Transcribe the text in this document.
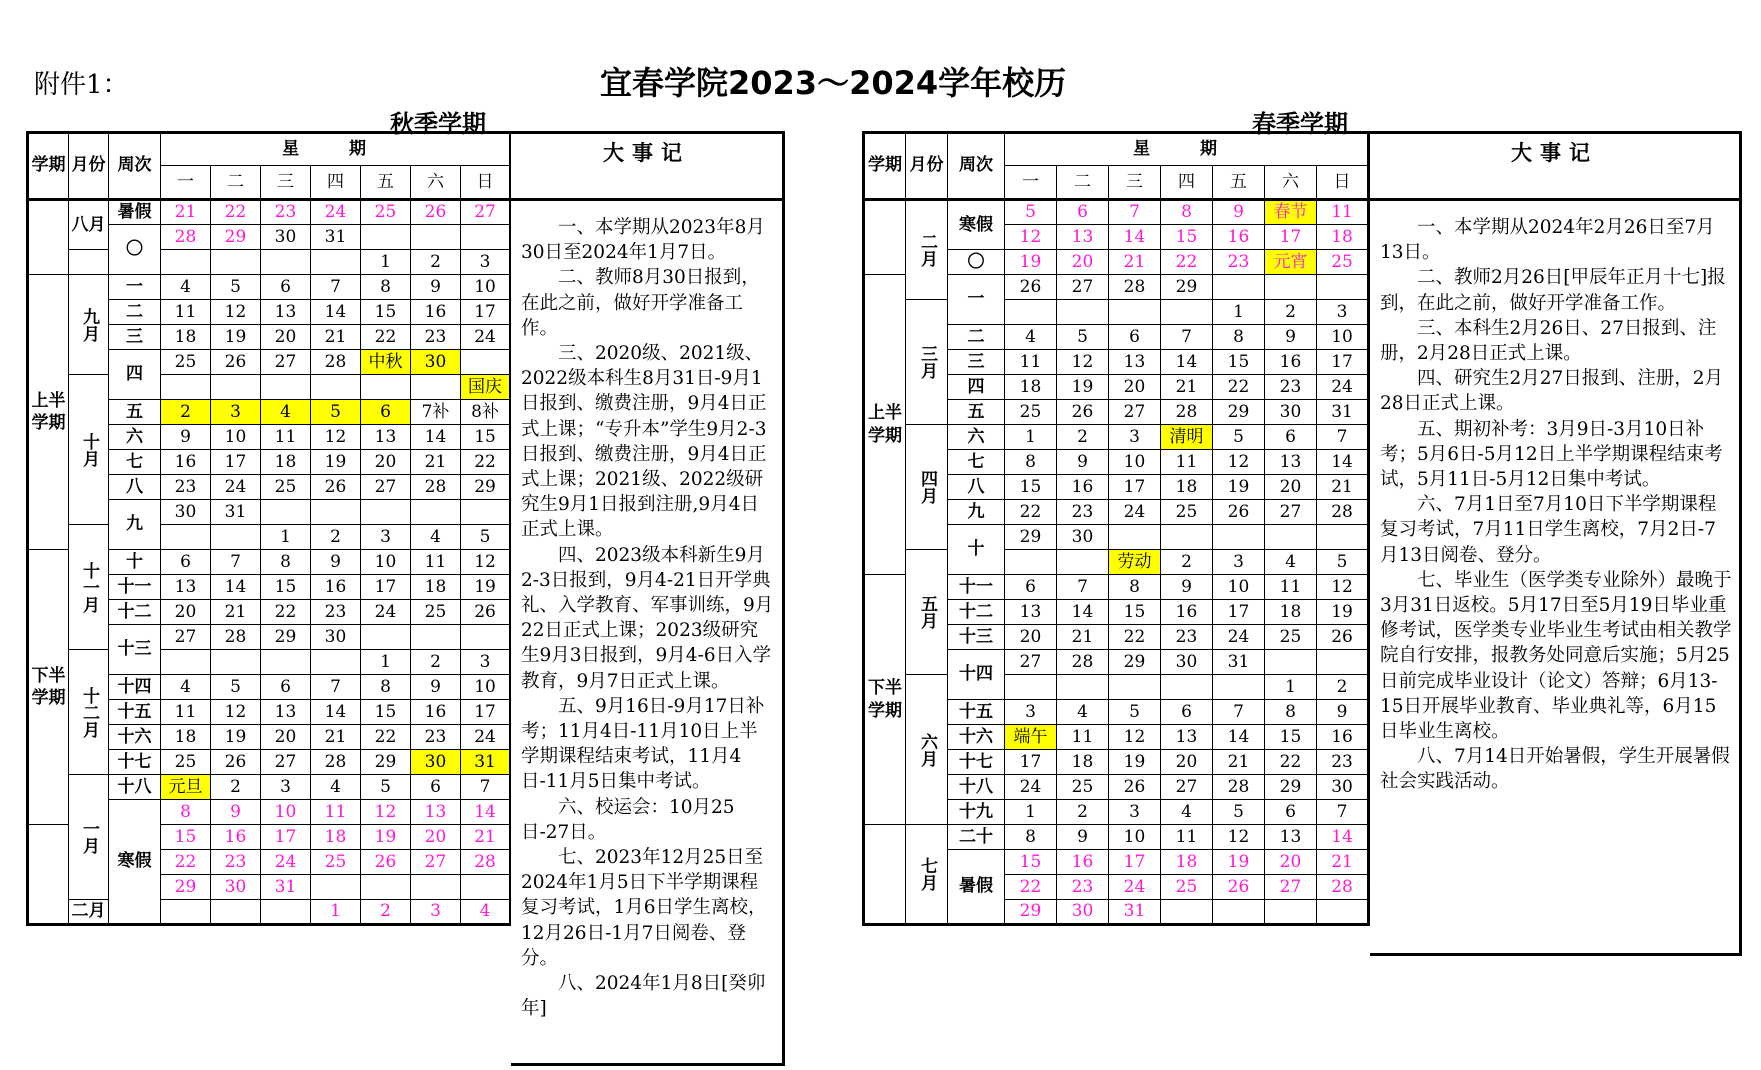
附件1：	宜春学院2023～2024学年校历
秋季学期	春季学期
学期	月份	周次	星 期						
			一	二	三	四	五	六	日
	八月	暑假	21	22	23	24	25	26	27
		〇	28	29	30	31			
							1	2	3
上半学期	九月	一	4	5	6	7	8	9	10
		二	11	12	13	14	15	16	17
		三	18	19	20	21	22	23	24
		四	25	26	27	28	中秋	30	
	十月								国庆
		五	2	3	4	5	6	7补	8补
		六	9	10	11	12	13	14	15
		七	16	17	18	19	20	21	22
		八	23	24	25	26	27	28	29
		九	30	31					
	十一月				1	2	3	4	5
下半学期		十	6	7	8	9	10	11	12
		十一	13	14	15	16	17	18	19
		十二	20	21	22	23	24	25	26
		十三	27	28	29	30			
	十二月						1	2	3
		十四	4	5	6	7	8	9	10
		十五	11	12	13	14	15	16	17
		十六	18	19	20	21	22	23	24
		十七	25	26	27	28	29	30	31
	一月	十八	元旦	2	3	4	5	6	7
		寒假	8	9	10	11	12	13	14
			15	16	17	18	19	20	21
			22	23	24	25	26	27	28
			29	30	31				
	二月					1	2	3	4
大事记

一、本学期从2023年8月30日至2024年1月7日。

二、教师8月30日报到，在此之前，做好开学准备工作。

三、2020级、2021级、2022级本科生8月31日-9月1日报到、缴费注册，9月4日正式上课；“专升本”学生9月2-3日报到、缴费注册，9月4日正式上课；2021级、2022级研究生9月1日报到注册,9月4日正式上课。

四、2023级本科新生9月2-3日报到，9月4-21日开学典礼、入学教育、军事训练，9月22日正式上课；2023级研究生9月3日报到，9月4-6日入学教育，9月7日正式上课。

五、9月16日-9月17日补考；11月4日-11月10日上半学期课程结束考试，11月4日-11月5日集中考试。

六、校运会：10月25日-27日。

七、2023年12月25日至2024年1月5日下半学期课程复习考试，1月6日学生离校，12月26日-1月7日阅卷、登分。

八、2024年1月8日[癸卯年]

学期	月份	周次	星 期						
			一	二	三	四	五	六	日
	二月	寒假	5	6	7	8	9	春节	11
			12	13	14	15	16	17	18
		〇	19	20	21	22	23	元宵	25
上半学期		一	26	27	28	29			
	三月						1	2	3
		二	4	5	6	7	8	9	10
		三	11	12	13	14	15	16	17
		四	18	19	20	21	22	23	24
		五	25	26	27	28	29	30	31
	四月	六	1	2	3	清明	5	6	7
		七	8	9	10	11	12	13	14
		八	15	16	17	18	19	20	21
		九	22	23	24	25	26	27	28
		十	29	30					
	五月				劳动	2	3	4	5
下半学期		十一	6	7	8	9	10	11	12
		十二	13	14	15	16	17	18	19
		十三	20	21	22	23	24	25	26
		十四	27	28	29	30	31		
	六月							1	2
		十五	3	4	5	6	7	8	9
		十六	端午	11	12	13	14	15	16
		十七	17	18	19	20	21	22	23
		十八	24	25	26	27	28	29	30
		十九	1	2	3	4	5	6	7
	七月	二十	8	9	10	11	12	13	14
		暑假	15	16	17	18	19	20	21
			22	23	24	25	26	27	28
			29	30	31				
大事记

一、本学期从2024年2月26日至7月13日。

二、教师2月26日[甲辰年正月十七]报到，在此之前，做好开学准备工作。

三、本科生2月26日、27日报到、注册，2月28日正式上课。

四、研究生2月27日报到、注册，2月28日正式上课。

五、期初补考：3月9日-3月10日补考；5月6日-5月12日上半学期课程结束考试，5月11日-5月12日集中考试。

六、7月1日至7月10日下半学期课程复习考试，7月11日学生离校，7月2日-7月13日阅卷、登分。

七、毕业生（医学类专业除外）最晚于3月31日返校。5月17日至5月19日毕业重修考试，医学类专业毕业生考试由相关教学院自行安排，报教务处同意后实施；5月25日前完成毕业设计（论文）答辩；6月13-15日开展毕业教育、毕业典礼等，6月15日毕业生离校。

八、7月14日开始暑假，学生开展暑假社会实践活动。
